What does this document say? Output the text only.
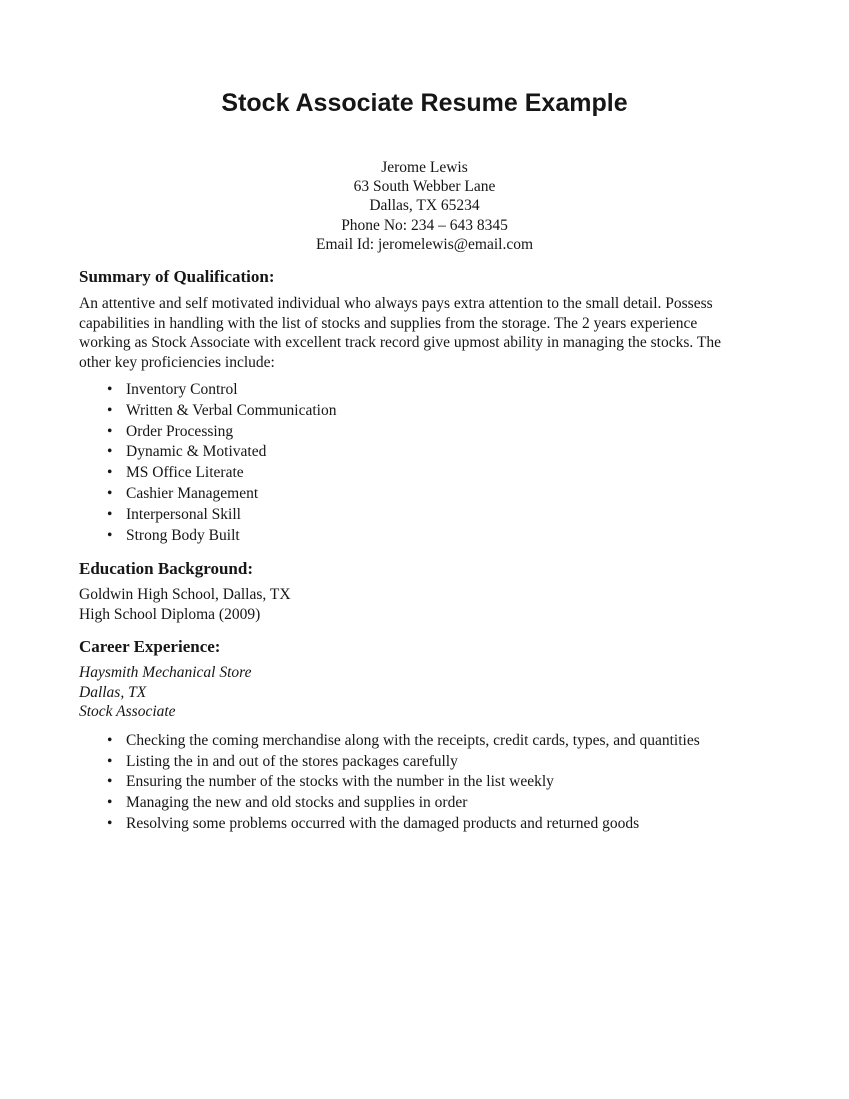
Stock Associate Resume Example
Jerome Lewis
63 South Webber Lane
Dallas, TX 65234
Phone No: 234 – 643 8345
Email Id: jeromelewis@email.com
Summary of Qualification:
An attentive and self motivated individual who always pays extra attention to the small detail. Possess
capabilities in handling with the list of stocks and supplies from the storage. The 2 years experience
working as Stock Associate with excellent track record give upmost ability in managing the stocks. The
other key proficiencies include:
• Inventory Control
• Written & Verbal Communication
• Order Processing
• Dynamic & Motivated
• MS Office Literate
• Cashier Management
• Interpersonal Skill
• Strong Body Built
Education Background:
Goldwin High School, Dallas, TX
High School Diploma (2009)
Career Experience:
Haysmith Mechanical Store
Dallas, TX
Stock Associate
• Checking the coming merchandise along with the receipts, credit cards, types, and quantities
• Listing the in and out of the stores packages carefully
• Ensuring the number of the stocks with the number in the list weekly
• Managing the new and old stocks and supplies in order
• Resolving some problems occurred with the damaged products and returned goods
